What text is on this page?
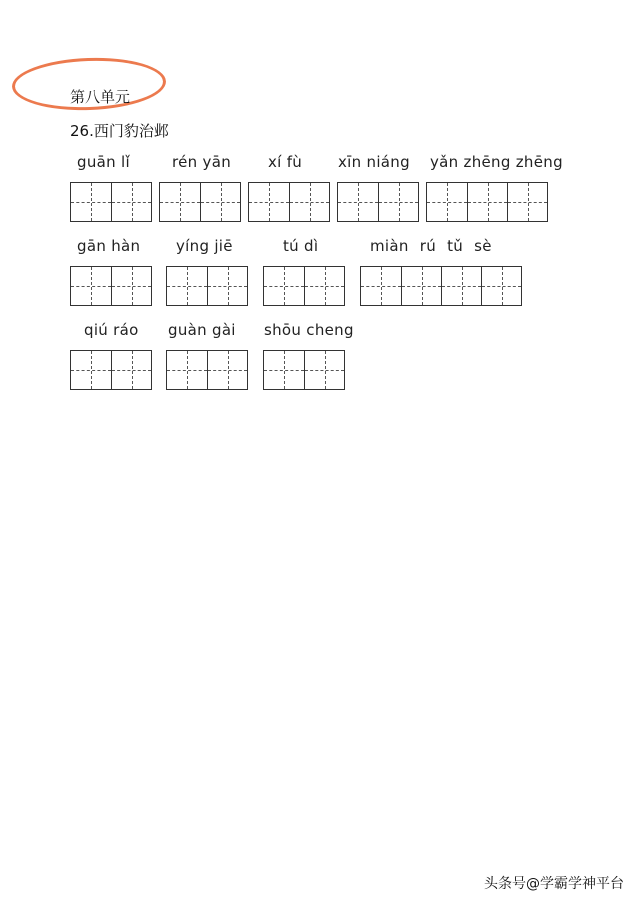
第八单元
26.西门豹治邺
guān lǐ	rén yān xí fù xīn niáng yǎn zhēng zhēng
gān hàn yíng jiē	tú dì	miàn rú tǔ sè
qiú ráo guàn gài shōu cheng
头条号@学霸学神平台
